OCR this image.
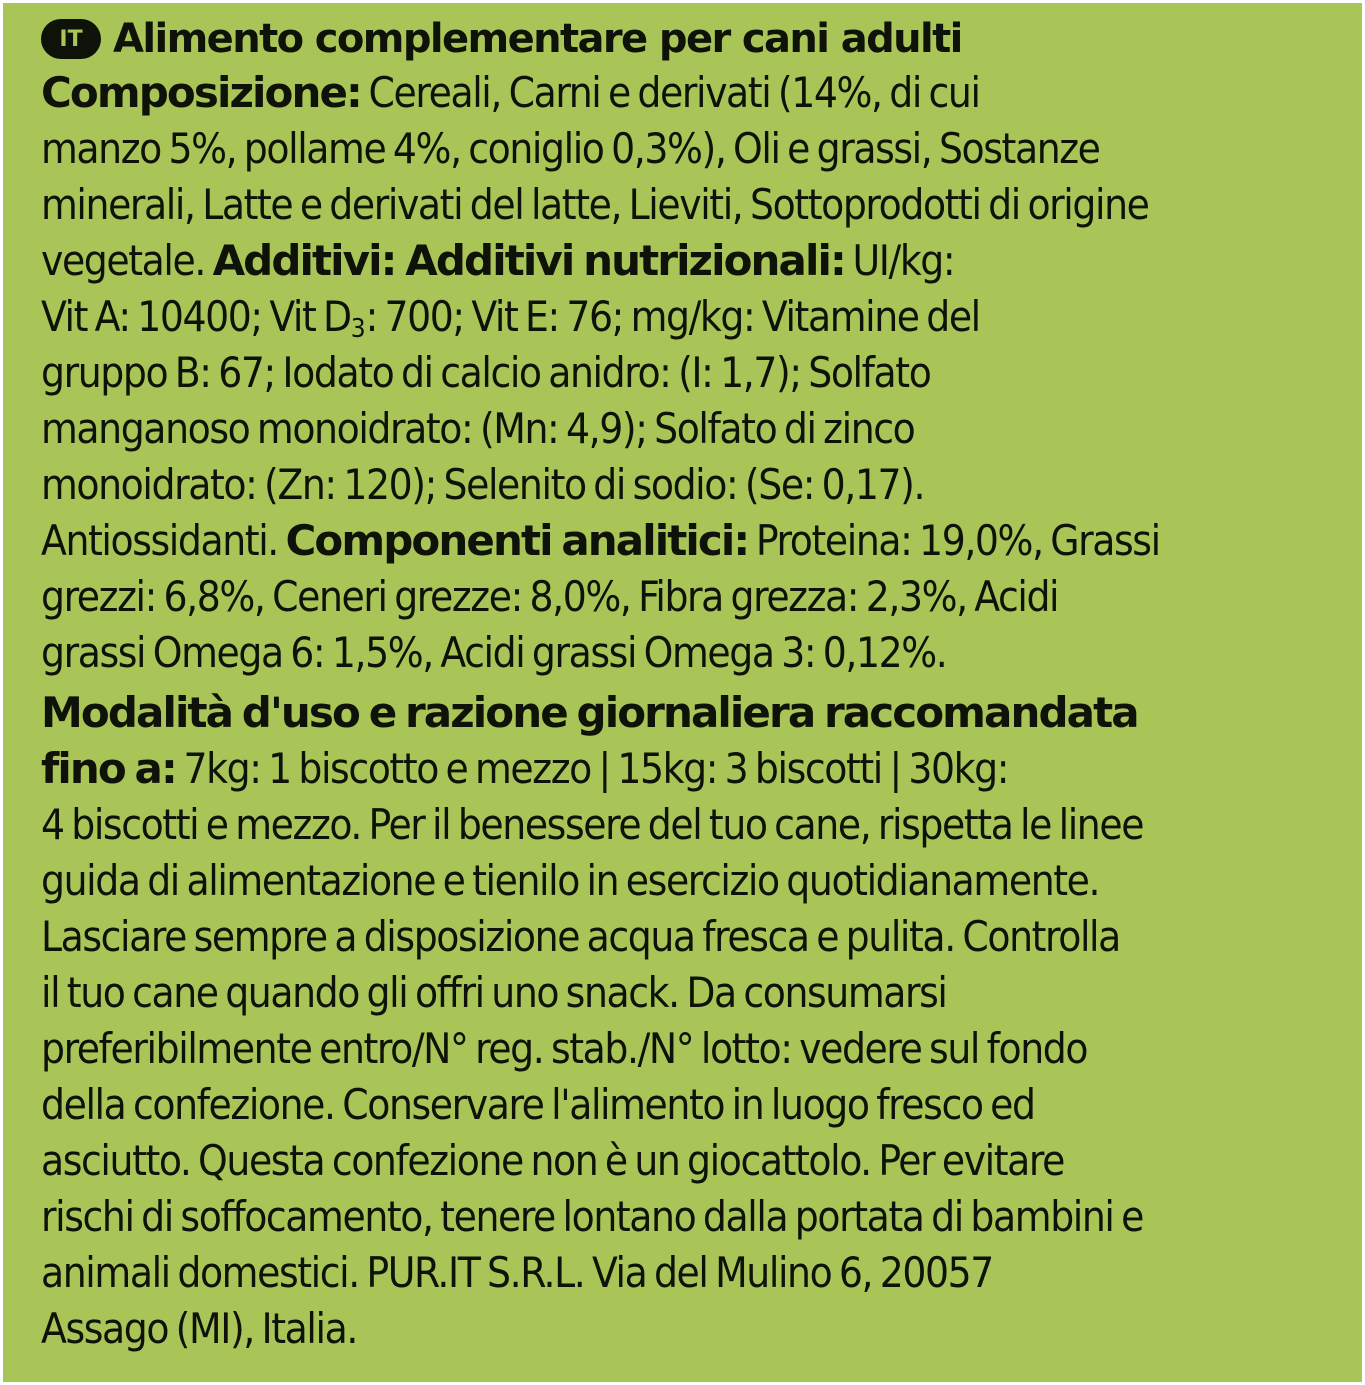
IT Alimento complementare per cani adulti
Composizione: Cereali, Carni e derivati (14%, di cui
manzo 5%, pollame 4%, coniglio 0,3%), Oli e grassi, Sostanze
minerali, Latte e derivati del latte, Lieviti, Sottoprodotti di origine
vegetale. Additivi: Additivi nutrizionali: UI/kg:
Vit A: 10400; Vit $D_3$: 700; Vit E: 76; mg/kg: Vitamine del
gruppo B: 67; Iodato di calcio anidro: (I: 1,7); Solfato
manganoso monoidrato: (Mn: 4,9); Solfato di zinco
monoidrato: (Zn: 120); Selenito di sodio: (Se: 0,17).
Antiossidanti. Componenti analitici: Proteina: 19,0%, Grassi
grezzi: 6,8%, Ceneri grezze: 8,0%, Fibra grezza: 2,3%, Acidi
grassi Omega 6: 1,5%, Acidi grassi Omega 3: 0,12%.
Modalità d'uso e razione giornaliera raccomandata
fino a: 7kg: 1 biscotto e mezzo | 15kg: 3 biscotti | 30kg:
4 biscotti e mezzo. Per il benessere del tuo cane, rispetta le linee
guida di alimentazione e tienilo in esercizio quotidianamente.
Lasciare sempre a disposizione acqua fresca e pulita. Controlla
il tuo cane quando gli offri uno snack. Da consumarsi
preferibilmente entro/N° reg. stab./N° lotto: vedere sul fondo
della confezione. Conservare l'alimento in luogo fresco ed
asciutto. Questa confezione non è un giocattolo. Per evitare
rischi di soffocamento, tenere lontano dalla portata di bambini e
animali domestici. PUR.IT S.R.L. Via del Mulino 6, 20057
Assago (MI), Italia.
